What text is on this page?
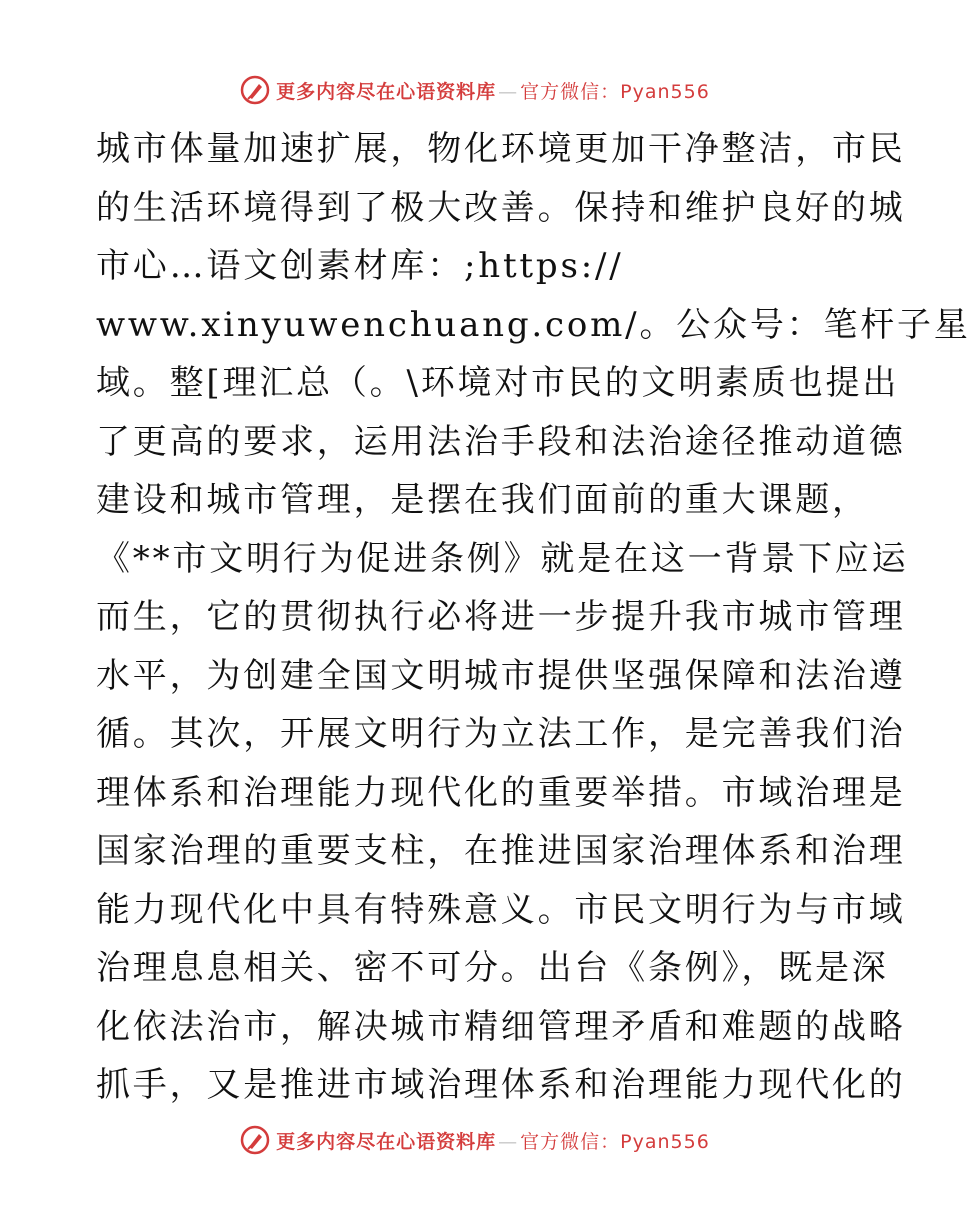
更多内容尽在心语资料库 — 官方微信：Pyan556
城市体量加速扩展，物化环境更加干净整洁，市民
的生活环境得到了极大改善。保持和维护良好的城
市心…语文创素材库：;https://
www.xinyuwenchuang.com/。公众号：笔杆子星
域。整[理汇总（。\环境对市民的文明素质也提出
了更高的要求，运用法治手段和法治途径推动道德
建设和城市管理，是摆在我们面前的重大课题，
《**市文明行为促进条例》就是在这一背景下应运
而生，它的贯彻执行必将进一步提升我市城市管理
水平，为创建全国文明城市提供坚强保障和法治遵
循。其次，开展文明行为立法工作，是完善我们治
理体系和治理能力现代化的重要举措。市域治理是
国家治理的重要支柱，在推进国家治理体系和治理
能力现代化中具有特殊意义。市民文明行为与市域
治理息息相关、密不可分。出台《条例》，既是深
化依法治市，解决城市精细管理矛盾和难题的战略
抓手，又是推进市域治理体系和治理能力现代化的
更多内容尽在心语资料库 — 官方微信：Pyan556
